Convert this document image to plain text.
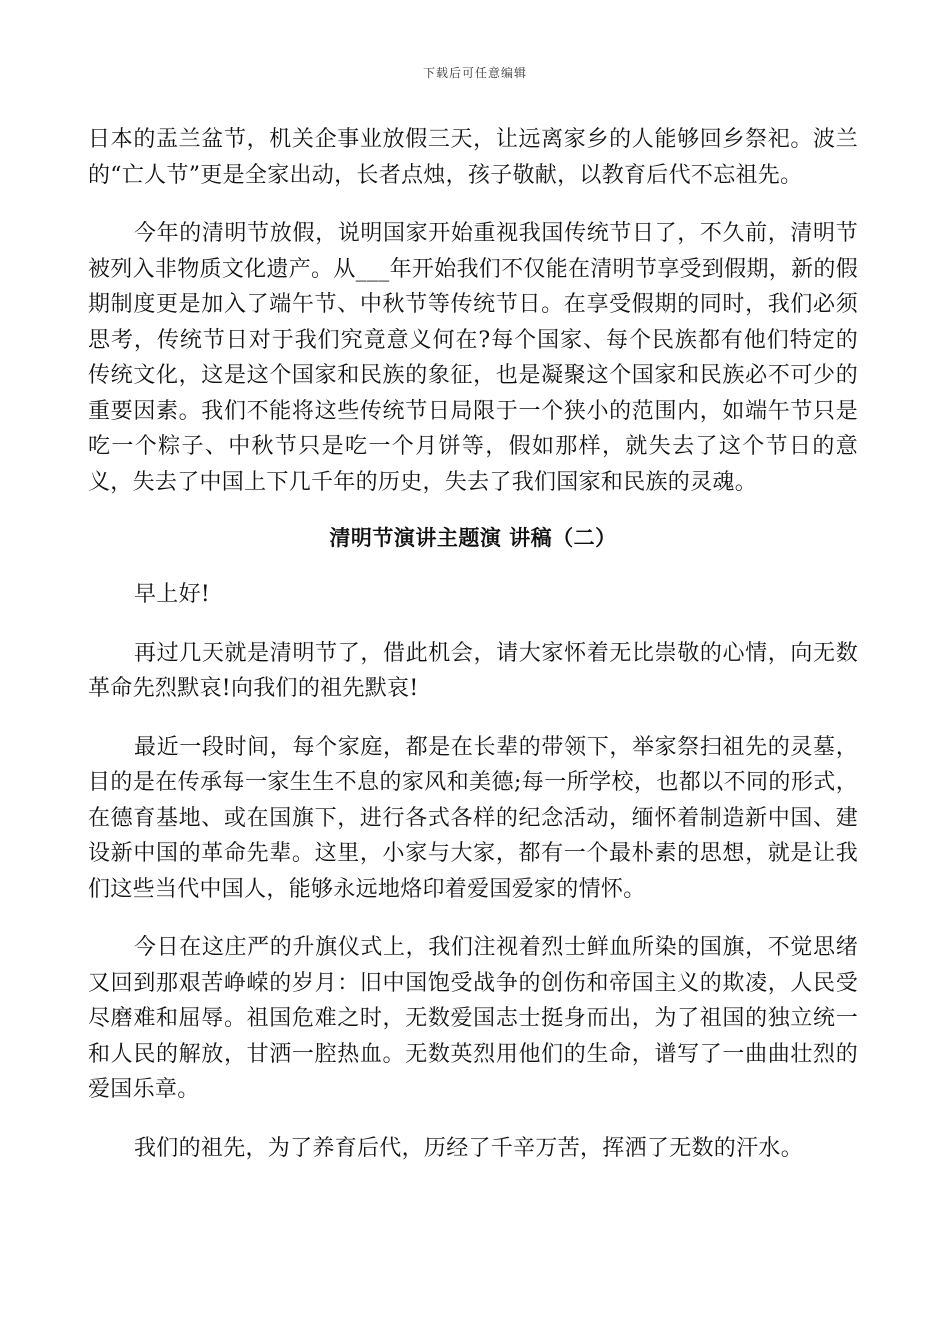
下载后可任意编辑

日本的盂兰盆节，机关企事业放假三天，让远离家乡的人能够回乡祭祀。波兰的“亡人节”更是全家出动，长者点烛，孩子敬献，以教育后代不忘祖先。

今年的清明节放假，说明国家开始重视我国传统节日了，不久前，清明节被列入非物质文化遗产。从___年开始我们不仅能在清明节享受到假期，新的假期制度更是加入了端午节、中秋节等传统节日。在享受假期的同时，我们必须思考，传统节日对于我们究竟意义何在?每个国家、每个民族都有他们特定的传统文化，这是这个国家和民族的象征，也是凝聚这个国家和民族必不可少的重要因素。我们不能将这些传统节日局限于一个狭小的范围内，如端午节只是吃一个粽子、中秋节只是吃一个月饼等，假如那样，就失去了这个节日的意义，失去了中国上下几千年的历史，失去了我们国家和民族的灵魂。

清明节演讲主题演 讲稿（二）

早上好!

再过几天就是清明节了，借此机会，请大家怀着无比崇敬的心情，向无数革命先烈默哀!向我们的祖先默哀!

最近一段时间，每个家庭，都是在长辈的带领下，举家祭扫祖先的灵墓，目的是在传承每一家生生不息的家风和美德;每一所学校，也都以不同的形式，在德育基地、或在国旗下，进行各式各样的纪念活动，缅怀着制造新中国、建设新中国的革命先辈。这里，小家与大家，都有一个最朴素的思想，就是让我们这些当代中国人，能够永远地烙印着爱国爱家的情怀。

今日在这庄严的升旗仪式上，我们注视着烈士鲜血所染的国旗，不觉思绪又回到那艰苦峥嵘的岁月：旧中国饱受战争的创伤和帝国主义的欺凌，人民受尽磨难和屈辱。祖国危难之时，无数爱国志士挺身而出，为了祖国的独立统一和人民的解放，甘洒一腔热血。无数英烈用他们的生命，谱写了一曲曲壮烈的爱国乐章。

我们的祖先，为了养育后代，历经了千辛万苦，挥洒了无数的汗水。
